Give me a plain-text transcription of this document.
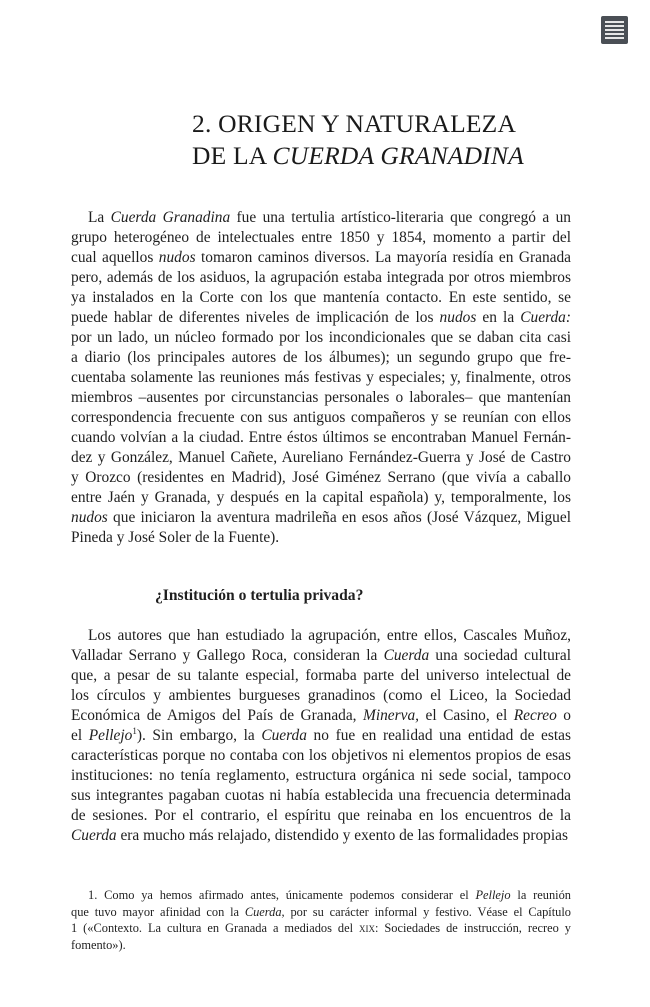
2. ORIGEN Y NATURALEZA
DE LA CUERDA GRANADINA
La Cuerda Granadina fue una tertulia artístico-literaria que congregó a un
grupo heterogéneo de intelectuales entre 1850 y 1854, momento a partir del
cual aquellos nudos tomaron caminos diversos. La mayoría residía en Granada
pero, además de los asiduos, la agrupación estaba integrada por otros miembros
ya instalados en la Corte con los que mantenía contacto. En este sentido, se
puede hablar de diferentes niveles de implicación de los nudos en la Cuerda:
por un lado, un núcleo formado por los incondicionales que se daban cita casi
a diario (los principales autores de los álbumes); un segundo grupo que fre-
cuentaba solamente las reuniones más festivas y especiales; y, finalmente, otros
miembros –ausentes por circunstancias personales o laborales– que mantenían
correspondencia frecuente con sus antiguos compañeros y se reunían con ellos
cuando volvían a la ciudad. Entre éstos últimos se encontraban Manuel Fernán-
dez y González, Manuel Cañete, Aureliano Fernández-Guerra y José de Castro
y Orozco (residentes en Madrid), José Giménez Serrano (que vivía a caballo
entre Jaén y Granada, y después en la capital española) y, temporalmente, los
nudos que iniciaron la aventura madrileña en esos años (José Vázquez, Miguel
Pineda y José Soler de la Fuente).
¿Institución o tertulia privada?
Los autores que han estudiado la agrupación, entre ellos, Cascales Muñoz,
Valladar Serrano y Gallego Roca, consideran la Cuerda una sociedad cultural
que, a pesar de su talante especial, formaba parte del universo intelectual de
los círculos y ambientes burgueses granadinos (como el Liceo, la Sociedad
Económica de Amigos del País de Granada, Minerva, el Casino, el Recreo o
el Pellejo$^1$). Sin embargo, la Cuerda no fue en realidad una entidad de estas
características porque no contaba con los objetivos ni elementos propios de esas
instituciones: no tenía reglamento, estructura orgánica ni sede social, tampoco
sus integrantes pagaban cuotas ni había establecida una frecuencia determinada
de sesiones. Por el contrario, el espíritu que reinaba en los encuentros de la
Cuerda era mucho más relajado, distendido y exento de las formalidades propias
1. Como ya hemos afirmado antes, únicamente podemos considerar el Pellejo la reunión
que tuvo mayor afinidad con la Cuerda, por su carácter informal y festivo. Véase el Capítulo
1 («Contexto. La cultura en Granada a mediados del xix: Sociedades de instrucción, recreo y
fomento»).
